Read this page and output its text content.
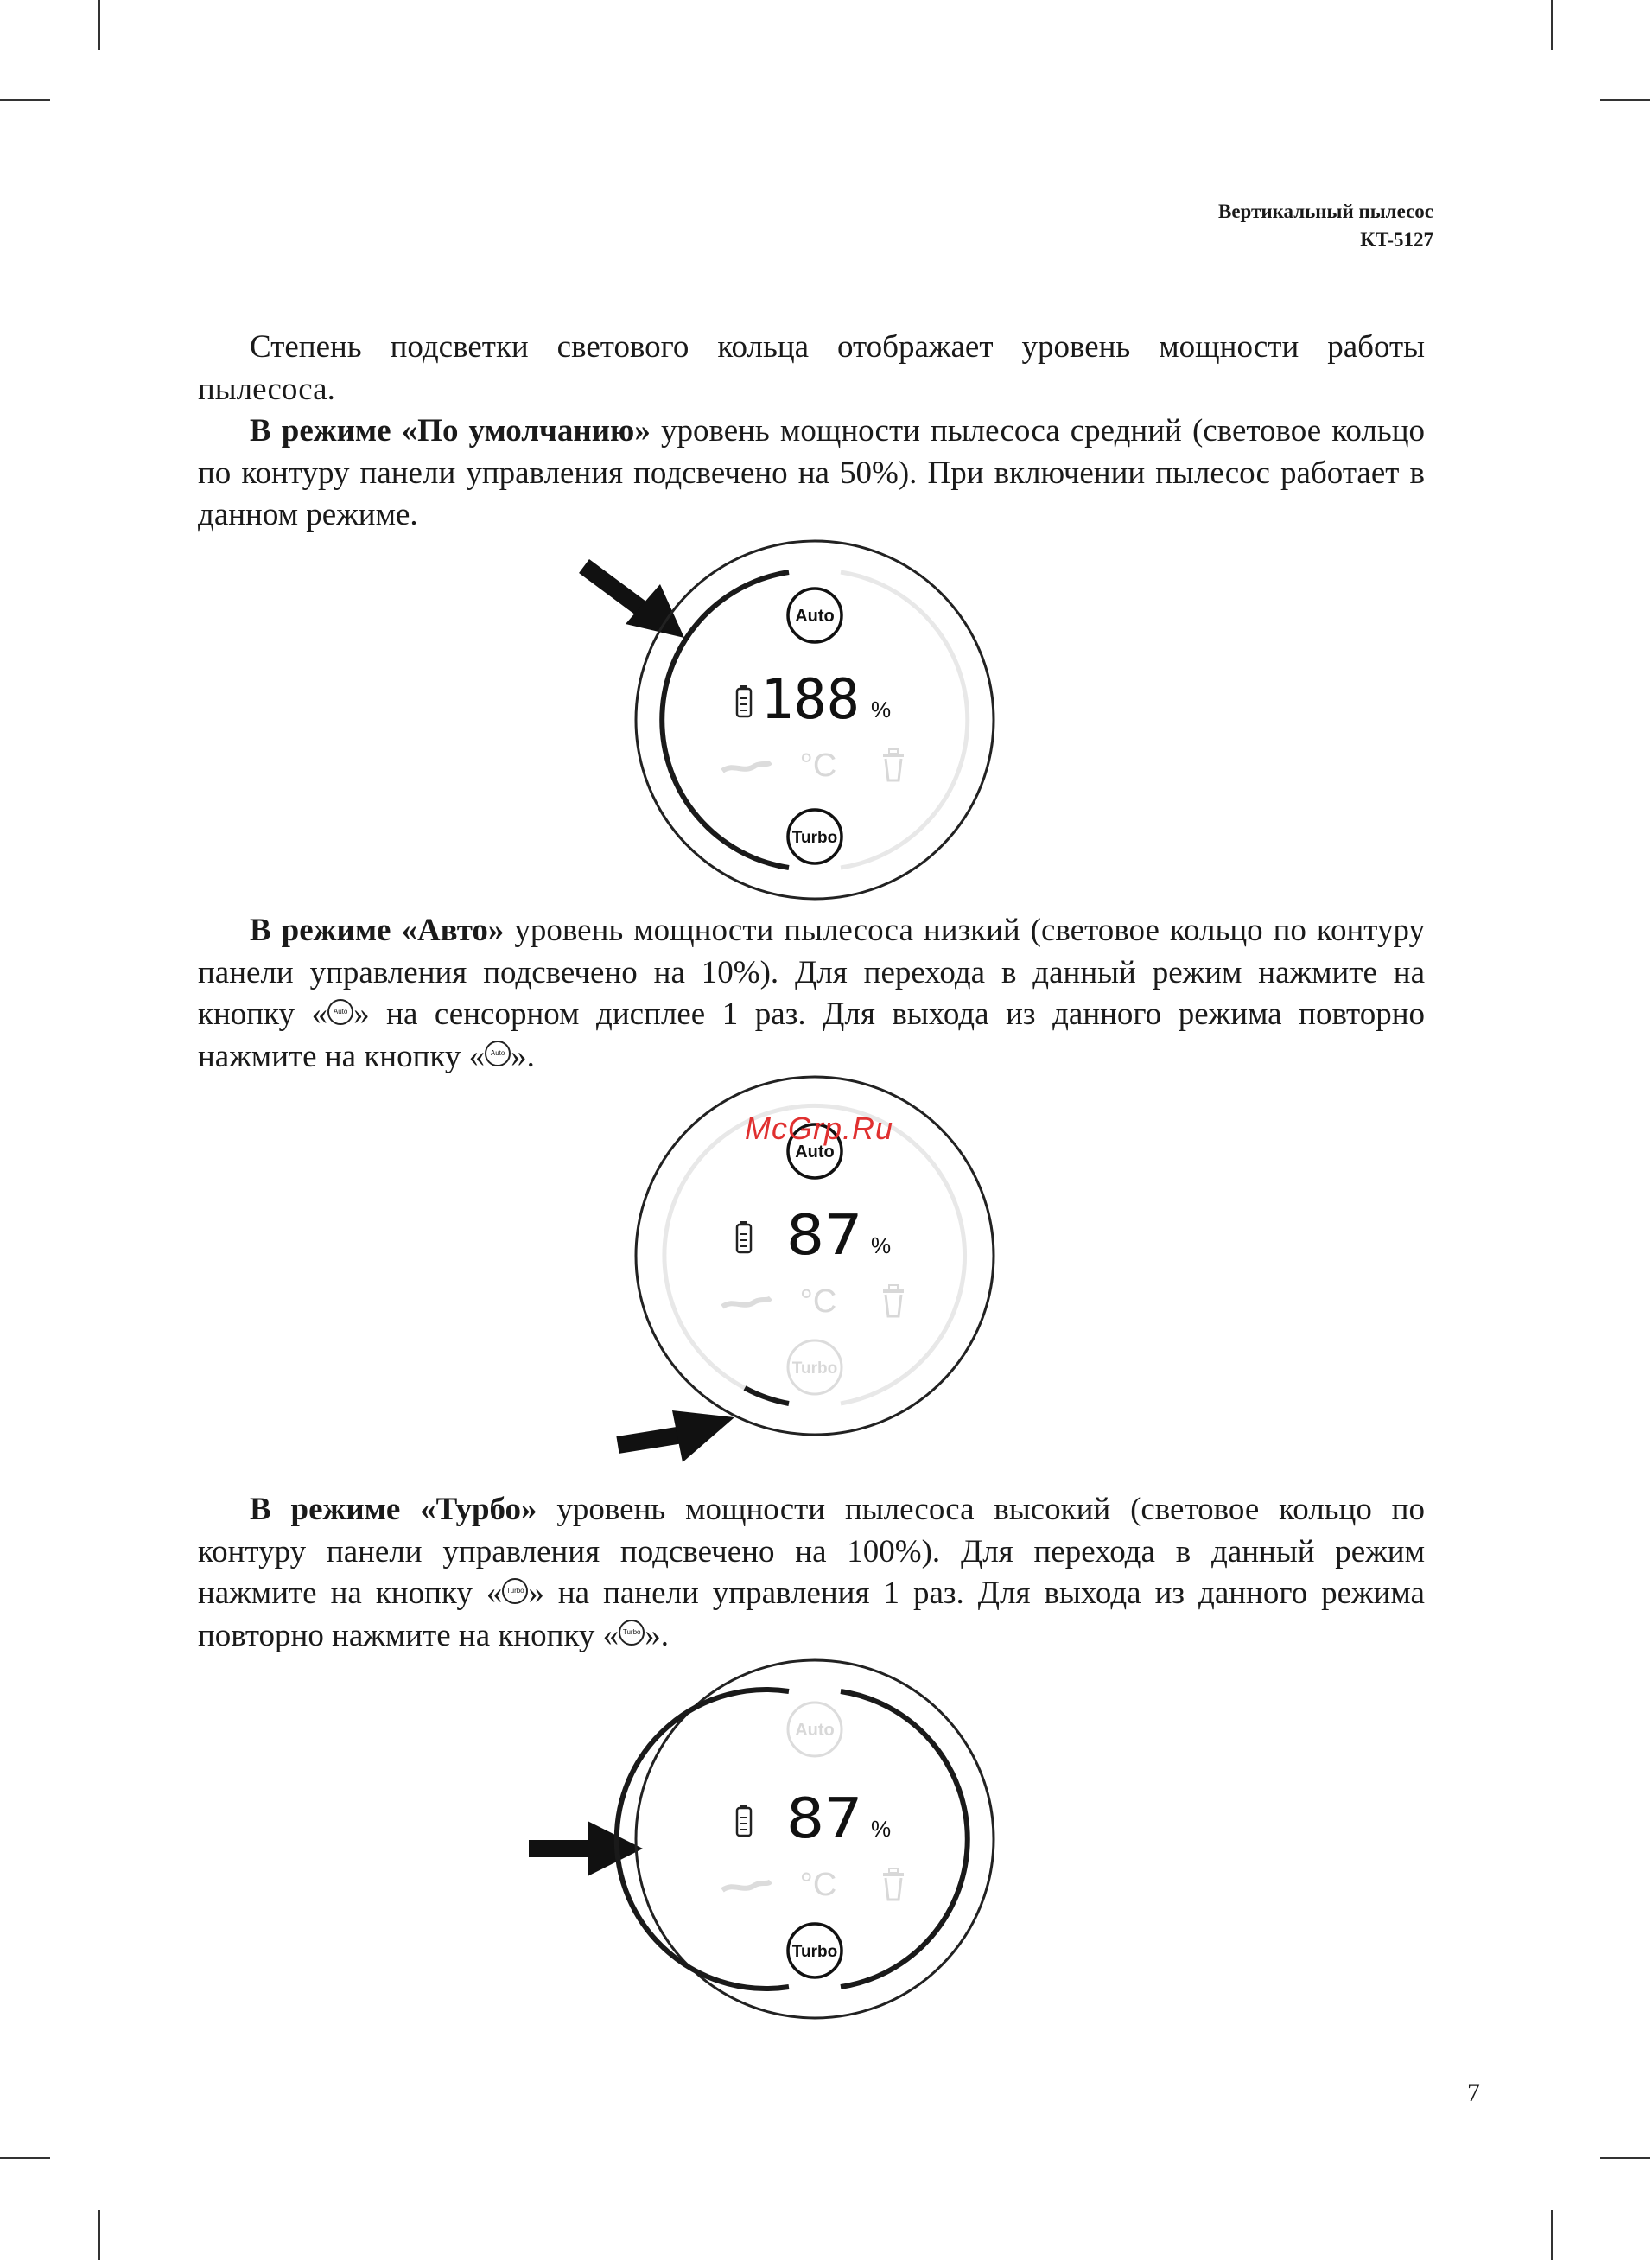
Вертикальный пылесос
KT-5127

Степень подсветки светового кольца отображает уровень мощности работы пылесоса.
В режиме «По умолчанию» уровень мощности пылесоса средний (световое кольцо по контуру панели управления подсвечено на 50%). При включении пылесос работает в данном режиме.

В режиме «Авто» уровень мощности пылесоса низкий (световое кольцо по контуру панели управления подсвечено на 10%). Для перехода в данный режим нажмите на кнопку « Auto » на сенсорном дисплее 1 раз. Для выхода из данного режима повторно нажмите на кнопку « Auto ».

В режиме «Турбо» уровень мощности пылесоса высокий (световое кольцо по контуру панели управления подсвечено на 100%). Для перехода в данный режим нажмите на кнопку « Turbo » на панели управления 1 раз. Для выхода из данного режима повторно нажмите на кнопку « Turbo ».

Auto
188 %
°C
Turbo
Auto
87 %
°C
Turbo
Auto
87 %
°C
Turbo
McGrp.Ru
7
